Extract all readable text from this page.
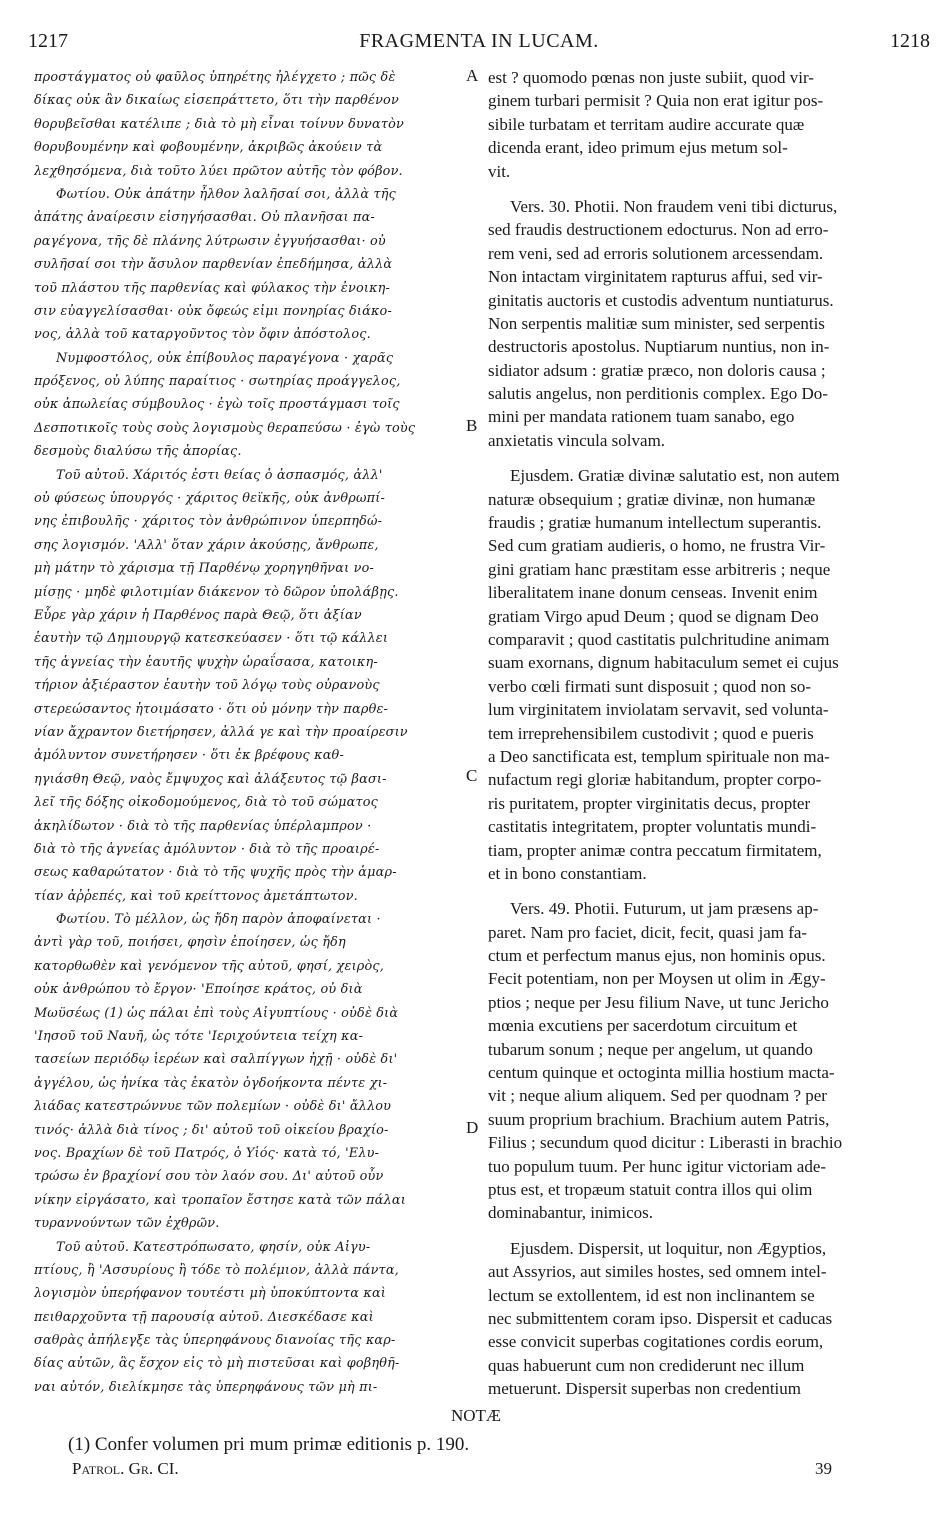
1217	FRAGMENTA IN LUCAM.	1218
προστάγματος οὐ φαῦλος ὑπηρέτης ἠλέγχετο ; πῶς δὲ
δίκας οὐκ ἂν δικαίως εἰσεπράττετο, ὅτι τὴν παρθένον
θορυβεῖσθαι κατέλιπε ; διὰ τὸ μὴ εἶναι τοίνυν δυνατὸν
θορυβουμένην καὶ φοβουμένην, ἀκριβῶς ἀκούειν τὰ
λεχθησόμενα, διὰ τοῦτο λύει πρῶτον αὐτῆς τὸν φόβον.
Φωτίου. Οὐκ ἀπάτην ἦλθον λαλῆσαί σοι, ἀλλὰ τῆς
ἀπάτης ἀναίρεσιν εἰσηγήσασθαι. Οὐ πλανῆσαι πα-
ραγέγονα, τῆς δὲ πλάνης λύτρωσιν ἐγγυήσασθαι· οὐ
συλῆσαί σοι τὴν ἄσυλον παρθενίαν ἐπεδήμησα, ἀλλὰ
τοῦ πλάστου τῆς παρθενίας καὶ φύλακος τὴν ἐνοικη-
σιν εὐαγγελίσασθαι· οὐκ ὄφεώς εἰμι πονηρίας διάκο-
νος, ἀλλὰ τοῦ καταργοῦντος τὸν ὄφιν ἀπόστολος.
Νυμφοστόλος, οὐκ ἐπίβουλος παραγέγονα · χαρᾶς
πρόξενος, οὐ λύπης παραίτιος · σωτηρίας προάγγελος,
οὐκ ἀπωλείας σύμβουλος · ἐγὼ τοῖς προστάγμασι τοῖς
Δεσποτικοῖς τοὺς σοὺς λογισμοὺς θεραπεύσω · ἐγὼ τοὺς
δεσμοὺς διαλύσω τῆς ἀπορίας.
Τοῦ αὐτοῦ. Χάριτός ἐστι θείας ὁ ἀσπασμός, ἀλλ'
οὐ φύσεως ὑπουργός · χάριτος θεϊκῆς, οὐκ ἀνθρωπί-
νης ἐπιβουλῆς · χάριτος τὸν ἀνθρώπινον ὑπερπηδώ-
σης λογισμόν. 'Αλλ' ὅταν χάριν ἀκούσῃς, ἄνθρωπε,
μὴ μάτην τὸ χάρισμα τῇ Παρθένῳ χορηγηθῆναι νο-
μίσῃς · μηδὲ φιλοτιμίαν διάκενον τὸ δῶρον ὑπολάβῃς.
Εὗρε γὰρ χάριν ἡ Παρθένος παρὰ Θεῷ, ὅτι ἀξίαν
ἑαυτὴν τῷ Δημιουργῷ κατεσκεύασεν · ὅτι τῷ κάλλει
τῆς ἁγνείας τὴν ἑαυτῆς ψυχὴν ὡραΐσασα, κατοικη-
τήριον ἀξιέραστον ἑαυτὴν τοῦ λόγῳ τοὺς οὐρανοὺς
στερεώσαντος ἡτοιμάσατο · ὅτι οὐ μόνην τὴν παρθε-
νίαν ἄχραντον διετήρησεν, ἀλλά γε καὶ τὴν προαίρεσιν
ἀμόλυντον συνετήρησεν · ὅτι ἐκ βρέφους καθ-
ηγιάσθη Θεῷ, ναὸς ἔμψυχος καὶ ἀλάξευτος τῷ βασι-
λεῖ τῆς δόξης οἰκοδομούμενος, διὰ τὸ τοῦ σώματος
ἀκηλίδωτον · διὰ τὸ τῆς παρθενίας ὑπέρλαμπρον ·
διὰ τὸ τῆς ἁγνείας ἀμόλυντον · διὰ τὸ τῆς προαιρέ-
σεως καθαρώτατον · διὰ τὸ τῆς ψυχῆς πρὸς τὴν ἁμαρ-
τίαν ἀῤῥεπές, καὶ τοῦ κρείττονος ἀμετάπτωτον.
Φωτίου. Τὸ μέλλον, ὡς ἤδη παρὸν ἀποφαίνεται ·
ἀντὶ γὰρ τοῦ, ποιήσει, φησὶν ἐποίησεν, ὡς ἤδη
κατορθωθὲν καὶ γενόμενον τῆς αὐτοῦ, φησί, χειρὸς,
οὐκ ἀνθρώπου τὸ ἔργον· 'Εποίησε κράτος, οὐ διὰ
Μωϋσέως (1) ὡς πάλαι ἐπὶ τοὺς Αἰγυπτίους · οὐδὲ διὰ
'Ιησοῦ τοῦ Ναυῆ, ὡς τότε 'Ιεριχούντεια τείχη κα-
τασείων περιόδῳ ἱερέων καὶ σαλπίγγων ἠχῇ · οὐδὲ δι'
ἀγγέλου, ὡς ἡνίκα τὰς ἑκατὸν ὀγδοήκοντα πέντε χι-
λιάδας κατεστρώννυε τῶν πολεμίων · οὐδὲ δι' ἄλλου
τινός· ἀλλὰ διὰ τίνος ; δι' αὐτοῦ τοῦ οἰκείου βραχίο-
νος. Βραχίων δὲ τοῦ Πατρός, ὁ Υἱός· κατὰ τό, 'Ελυ-
τρώσω ἐν βραχίονί σου τὸν λαόν σου. Δι' αὐτοῦ οὖν
νίκην εἰργάσατο, καὶ τροπαῖον ἔστησε κατὰ τῶν πάλαι
τυραννούντων τῶν ἐχθρῶν.
Τοῦ αὐτοῦ. Κατεστρόπωσατο, φησίν, οὐκ Αἰγυ-
πτίους, ἢ 'Ασσυρίους ἢ τόδε τὸ πολέμιον, ἀλλὰ πάντα,
λογισμὸν ὑπερήφανον τουτέστι μὴ ὑποκύπτοντα καὶ
πειθαρχοῦντα τῇ παρουσίᾳ αὐτοῦ. Διεσκέδασε καὶ
σαθρὰς ἀπήλεγξε τὰς ὑπερηφάνους διανοίας τῆς καρ-
δίας αὐτῶν, ἃς ἔσχον εἰς τὸ μὴ πιστεῦσαι καὶ φοβηθῆ-
ναι αὐτόν, διελίκμησε τὰς ὑπερηφάνους τῶν μὴ πι-
est ? quomodo pœnas non juste subiit, quod vir-
ginem turbari permisit ? Quia non erat igitur pos-
sibile turbatam et territam audire accurate quæ
dicenda erant, ideo primum ejus metum sol-
vit.
Vers. 30. Photii. Non fraudem veni tibi dicturus,
sed fraudis destructionem edocturus. Non ad erro-
rem veni, sed ad erroris solutionem arcessendam.
Non intactam virginitatem rapturus affui, sed vir-
ginitatis auctoris et custodis adventum nuntiaturus.
Non serpentis malitiæ sum minister, sed serpentis
destructoris apostolus. Nuptiarum nuntius, non in-
sidiator adsum : gratiæ præco, non doloris causa ;
salutis angelus, non perditionis complex. Ego Do-
mini per mandata rationem tuam sanabo, ego
anxietatis vincula solvam.
Ejusdem. Gratiæ divinæ salutatio est, non autem
naturæ obsequium ; gratiæ divinæ, non humanæ
fraudis ; gratiæ humanum intellectum superantis.
Sed cum gratiam audieris, o homo, ne frustra Vir-
gini gratiam hanc præstitam esse arbitreris ; neque
liberalitatem inane donum censeas. Invenit enim
gratiam Virgo apud Deum ; quod se dignam Deo
comparavit ; quod castitatis pulchritudine animam
suam exornans, dignum habitaculum semet ei cujus
verbo cœli firmati sunt disposuit ; quod non so-
lum virginitatem inviolatam servavit, sed volunta-
tem irreprehensibilem custodivit ; quod e pueris
a Deo sanctificata est, templum spirituale non ma-
nufactum regi gloriæ habitandum, propter corpo-
ris puritatem, propter virginitatis decus, propter
castitatis integritatem, propter voluntatis mundi-
tiam, propter animæ contra peccatum firmitatem,
et in bono constantiam.
Vers. 49. Photii. Futurum, ut jam præsens ap-
paret. Nam pro faciet, dicit, fecit, quasi jam fa-
ctum et perfectum manus ejus, non hominis opus.
Fecit potentiam, non per Moysen ut olim in Ægy-
ptios ; neque per Jesu filium Nave, ut tunc Jericho
mœnia excutiens per sacerdotum circuitum et
tubarum sonum ; neque per angelum, ut quando
centum quinque et octoginta millia hostium macta-
vit ; neque alium aliquem. Sed per quodnam ? per
suum proprium brachium. Brachium autem Patris,
Filius ; secundum quod dicitur : Liberasti in brachio
tuo populum tuum. Per hunc igitur victoriam ade-
ptus est, et tropæum statuit contra illos qui olim
dominabantur, inimicos.
Ejusdem. Dispersit, ut loquitur, non Ægyptios,
aut Assyrios, aut similes hostes, sed omnem intel-
lectum se extollentem, id est non inclinantem se
nec submittentem coram ipso. Dispersit et caducas
esse convicit superbas cogitationes cordis eorum,
quas habuerunt cum non crediderunt nec illum
metuerunt. Dispersit superbas non credentium
A
B
C
D
NOTÆ
(1) Confer volumen pri mum primæ editionis p. 190.
Patrol. Gr. CI.	39
